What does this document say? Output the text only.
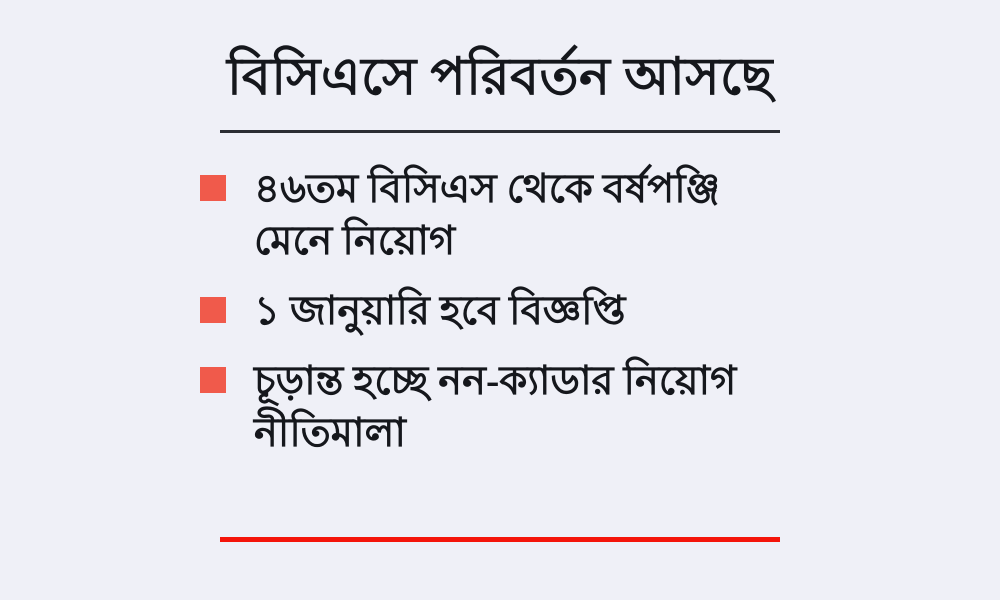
বিসিএসে পরিবর্তন আসছে
৪৬তম বিসিএস থেকে বর্ষপঞ্জি মেনে নিয়োগ
১ জানুয়ারি হবে বিজ্ঞপ্তি
চূড়ান্ত হচ্ছে নন-ক্যাডার নিয়োগ নীতিমালা
